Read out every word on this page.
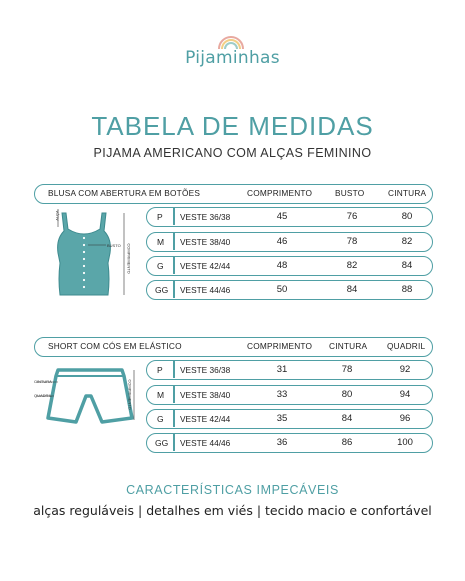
Pijaminhas
TABELA DE MEDIDAS
PIJAMA AMERICANO COM ALÇAS FEMININO
BLUSA COM ABERTURA EM BOTÕES	COMPRIMENTO	BUSTO	CINTURA
ALÇA
BUSTO COMPRIMENTO
P VESTE 36/38	45	76	80
M VESTE 38/40	46	78	82
G VESTE 42/44	48	82	84
GG VESTE 44/46	50	84	88
SHORT COM CÓS EM ELÁSTICO	COMPRIMENTO CINTURA QUADRIL
CINTURA
QUADRIL	COMPRIMENTO
P VESTE 36/38	31	78	92
M VESTE 38/40	33	80	94
G VESTE 42/44	35	84	96
GG VESTE 44/46	36	86	100
CARACTERÍSTICAS IMPECÁVEIS
alças reguláveis | detalhes em viés | tecido macio e confortável
